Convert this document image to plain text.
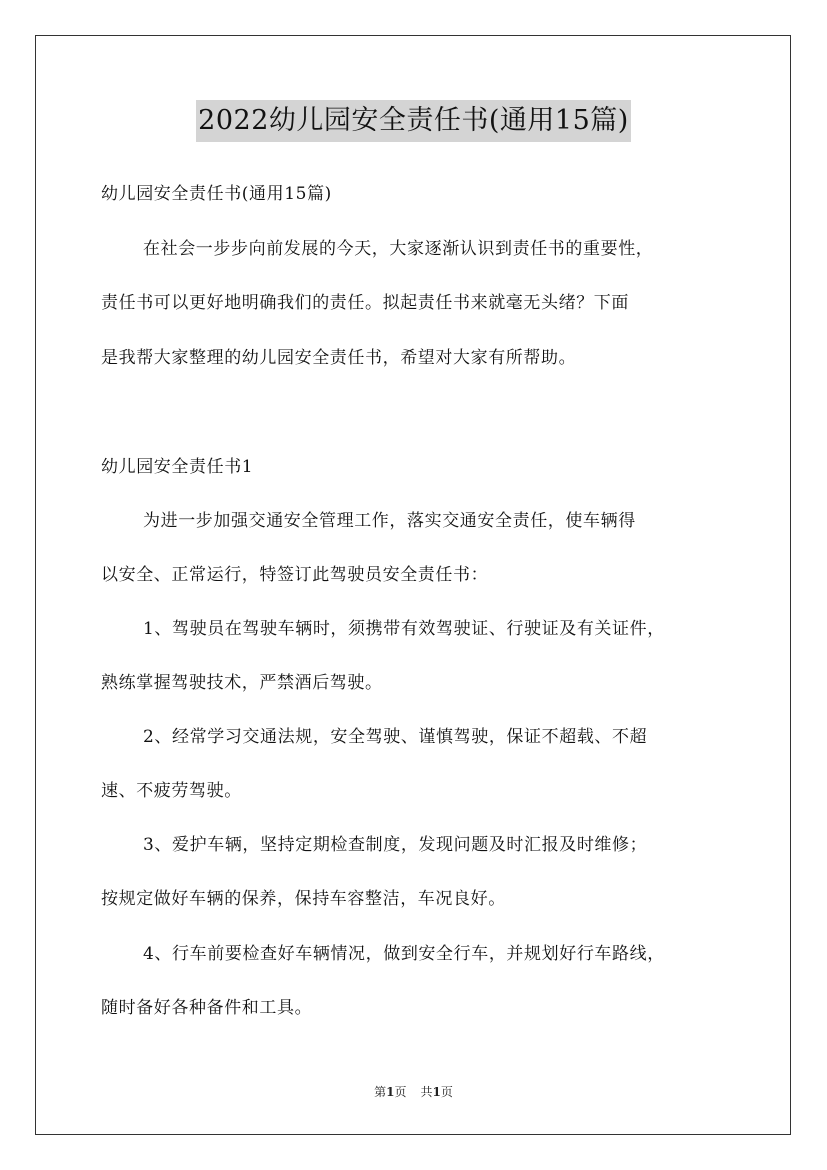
2022幼儿园安全责任书(通用15篇)
幼儿园安全责任书(通用15篇)
在社会一步步向前发展的今天，大家逐渐认识到责任书的重要性，
责任书可以更好地明确我们的责任。拟起责任书来就毫无头绪？下面
是我帮大家整理的幼儿园安全责任书，希望对大家有所帮助。
幼儿园安全责任书1
为进一步加强交通安全管理工作，落实交通安全责任，使车辆得
以安全、正常运行，特签订此驾驶员安全责任书：
1、驾驶员在驾驶车辆时，须携带有效驾驶证、行驶证及有关证件，
熟练掌握驾驶技术，严禁酒后驾驶。
2、经常学习交通法规，安全驾驶、谨慎驾驶，保证不超载、不超
速、不疲劳驾驶。
3、爱护车辆，坚持定期检查制度，发现问题及时汇报及时维修；
按规定做好车辆的保养，保持车容整洁，车况良好。
4、行车前要检查好车辆情况，做到安全行车，并规划好行车路线，
随时备好各种备件和工具。
第1页 共1页
